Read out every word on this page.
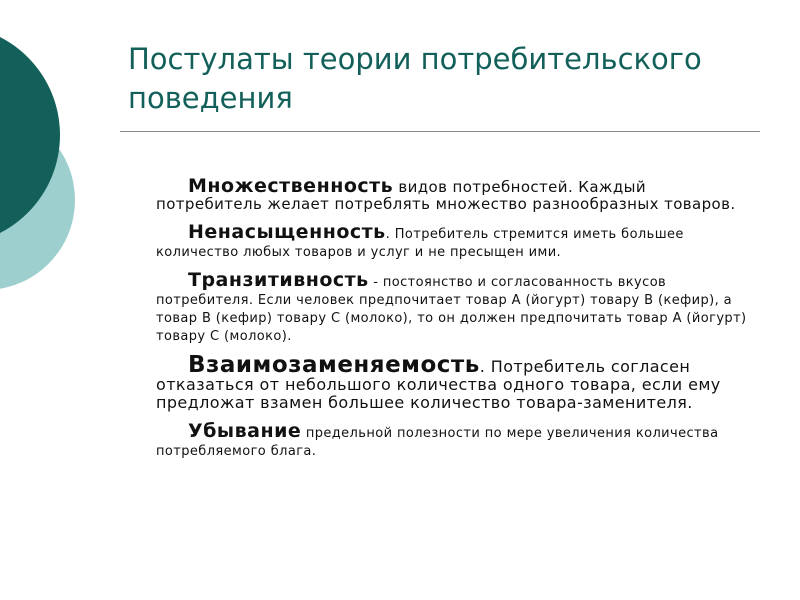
Постулаты теории потребительского поведения

Множественность видов потребностей. Каждый потребитель желает потреблять множество разнообразных товаров.

Ненасыщенность. Потребитель стремится иметь большее количество любых товаров и услуг и не пресыщен ими.

Транзитивность - постоянство и согласованность вкусов потребителя. Если человек предпочитает товар А (йогурт) товару В (кефир), а товар В (кефир) товару С (молоко), то он должен предпочитать товар А (йогурт) товару С (молоко).

Взаимозаменяемость. Потребитель согласен отказаться от небольшого количества одного товара, если ему предложат взамен большее количество товара-заменителя.

Убывание предельной полезности по мере увеличения количества потребляемого блага.
